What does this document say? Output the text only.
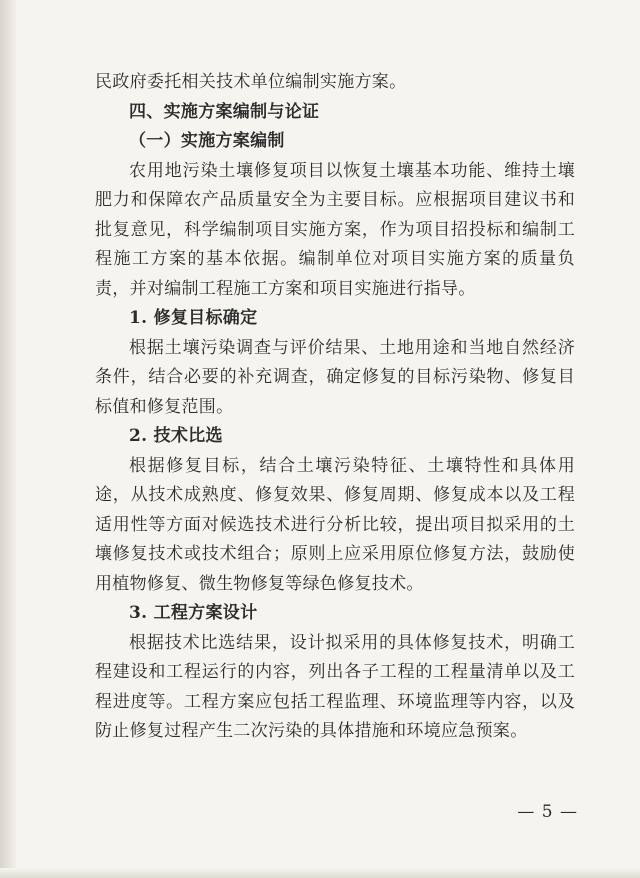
民政府委托相关技术单位编制实施方案。

四、实施方案编制与论证

（一）实施方案编制

农用地污染土壤修复项目以恢复土壤基本功能、维持土壤肥力和保障农产品质量安全为主要目标。应根据项目建议书和批复意见，科学编制项目实施方案，作为项目招投标和编制工程施工方案的基本依据。编制单位对项目实施方案的质量负责，并对编制工程施工方案和项目实施进行指导。

1. 修复目标确定

根据土壤污染调查与评价结果、土地用途和当地自然经济条件，结合必要的补充调查，确定修复的目标污染物、修复目标值和修复范围。

2. 技术比选

根据修复目标，结合土壤污染特征、土壤特性和具体用途，从技术成熟度、修复效果、修复周期、修复成本以及工程适用性等方面对候选技术进行分析比较，提出项目拟采用的土壤修复技术或技术组合；原则上应采用原位修复方法，鼓励使用植物修复、微生物修复等绿色修复技术。

3. 工程方案设计

根据技术比选结果，设计拟采用的具体修复技术，明确工程建设和工程运行的内容，列出各子工程的工程量清单以及工程进度等。工程方案应包括工程监理、环境监理等内容，以及防止修复过程产生二次污染的具体措施和环境应急预案。

— 5 —
